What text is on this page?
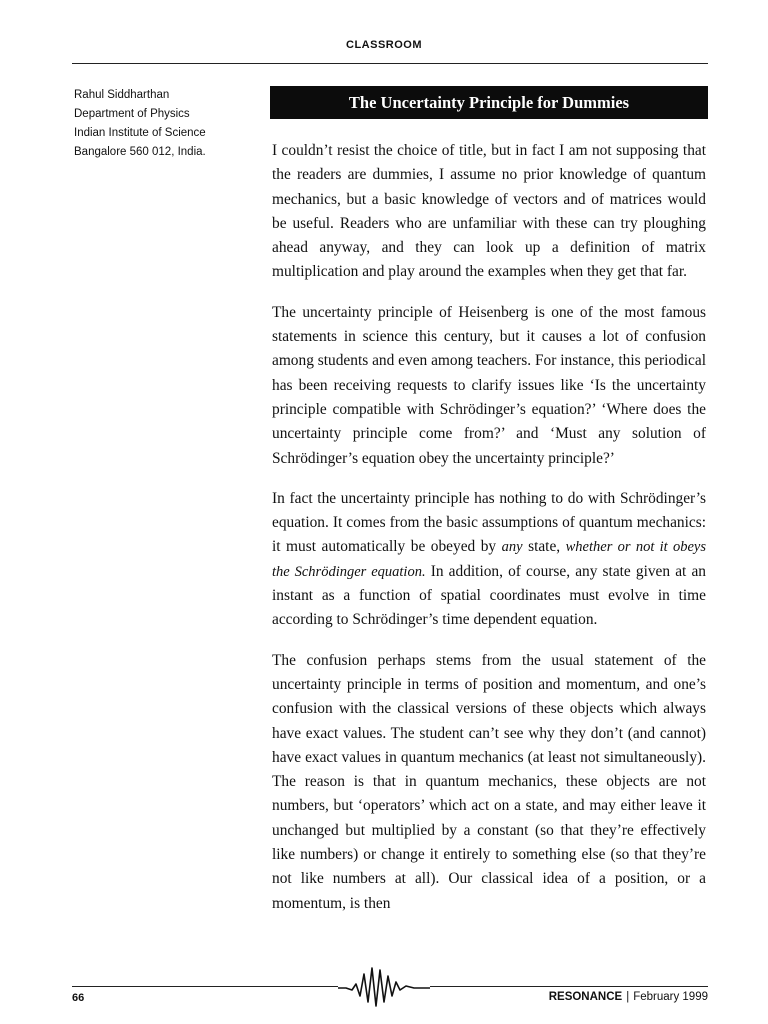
CLASSROOM
Rahul Siddharthan
Department of Physics
Indian Institute of Science
Bangalore 560 012, India.
The Uncertainty Principle for Dummies

I couldn’t resist the choice of title, but in fact I am not supposing that the readers are dummies, I assume no prior knowledge of quantum mechanics, but a basic knowledge of vectors and of matrices would be useful. Readers who are unfamiliar with these can try ploughing ahead anyway, and they can look up a definition of matrix multiplication and play around the examples when they get that far.

The uncertainty principle of Heisenberg is one of the most famous statements in science this century, but it causes a lot of confusion among students and even among teachers. For instance, this periodical has been receiving requests to clarify issues like ‘Is the uncertainty principle compatible with Schrödinger’s equation?’ ‘Where does the uncertainty principle come from?’ and ‘Must any solution of Schrödinger’s equation obey the uncertainty principle?’

In fact the uncertainty principle has nothing to do with Schrödinger’s equation. It comes from the basic assumptions of quantum mechanics: it must automatically be obeyed by any state, whether or not it obeys the Schrödinger equation. In addition, of course, any state given at an instant as a function of spatial coordinates must evolve in time according to Schrödinger’s time dependent equation.

The confusion perhaps stems from the usual statement of the uncertainty principle in terms of position and momentum, and one’s confusion with the classical versions of these objects which always have exact values. The student can’t see why they don’t (and cannot) have exact values in quantum mechanics (at least not simultaneously). The reason is that in quantum mechanics, these objects are not numbers, but ‘operators’ which act on a state, and may either leave it unchanged but multiplied by a constant (so that they’re effectively like numbers) or change it entirely to something else (so that they’re not like numbers at all). Our classical idea of a position, or a momentum, is then

66	RESONANCE | February 1999
